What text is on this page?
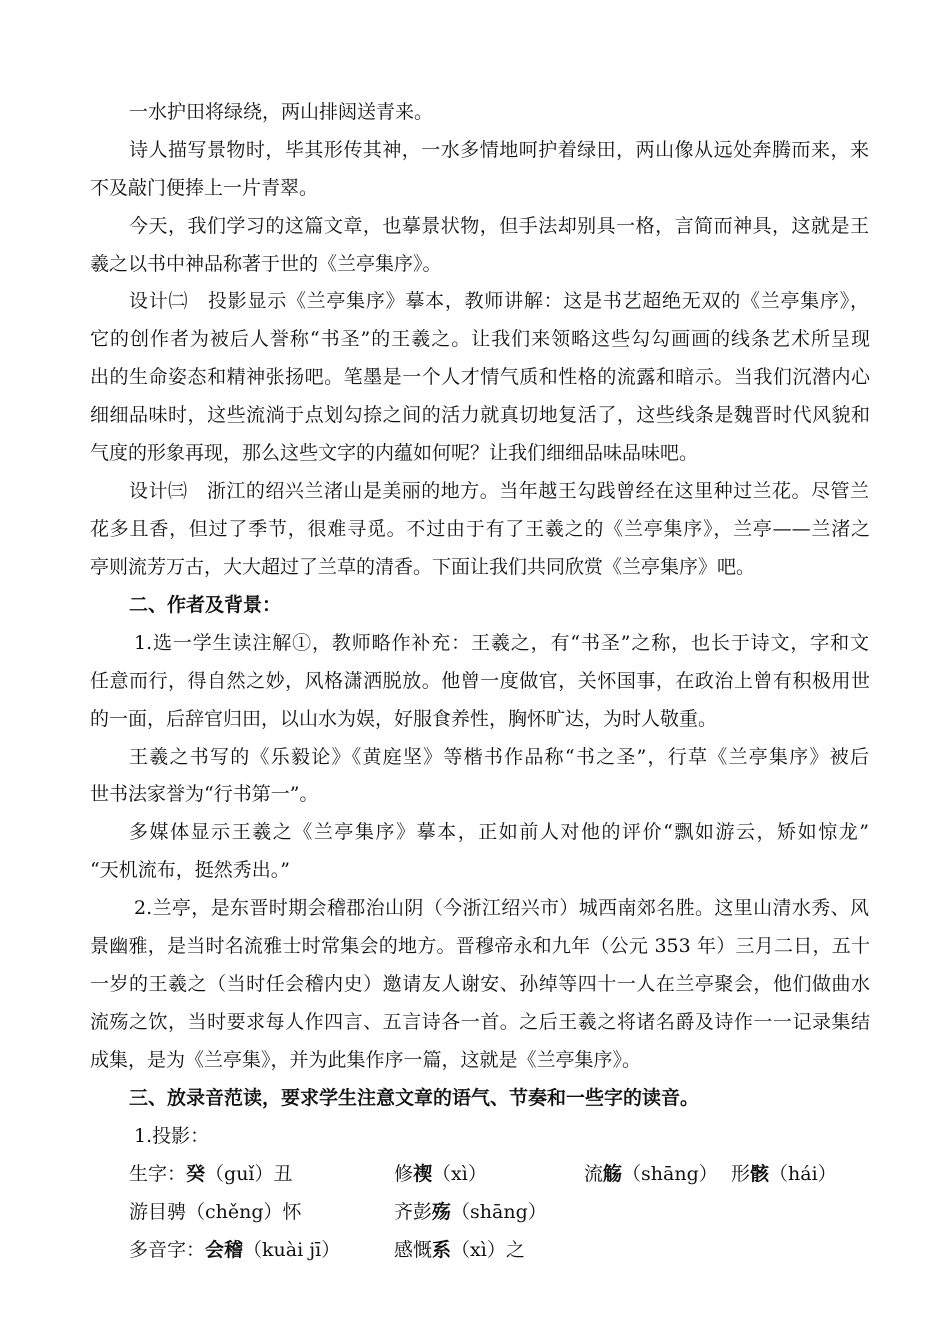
一水护田将绿绕，两山排闼送青来。
诗人描写景物时，毕其形传其神，一水多情地呵护着绿田，两山像从远处奔腾而来，来
不及敲门便捧上一片青翠。
今天，我们学习的这篇文章，也摹景状物，但手法却别具一格，言简而神具，这就是王
羲之以书中神品称著于世的《兰亭集序》。
设计㈡　投影显示《兰亭集序》摹本，教师讲解：这是书艺超绝无双的《兰亭集序》，
它的创作者为被后人誉称“书圣”的王羲之。让我们来领略这些勾勾画画的线条艺术所呈现
出的生命姿态和精神张扬吧。笔墨是一个人才情气质和性格的流露和暗示。当我们沉潜内心
细细品味时，这些流淌于点划勾捺之间的活力就真切地复活了，这些线条是魏晋时代风貌和
气度的形象再现，那么这些文字的内蕴如何呢？让我们细细品味品味吧。
设计㈢　浙江的绍兴兰渚山是美丽的地方。当年越王勾践曾经在这里种过兰花。尽管兰
花多且香，但过了季节，很难寻觅。不过由于有了王羲之的《兰亭集序》，兰亭——兰渚之
亭则流芳万古，大大超过了兰草的清香。下面让我们共同欣赏《兰亭集序》吧。
二、作者及背景：
1.选一学生读注解①，教师略作补充：王羲之，有“书圣”之称，也长于诗文，字和文
任意而行，得自然之妙，风格潇洒脱放。他曾一度做官，关怀国事，在政治上曾有积极用世
的一面，后辞官归田，以山水为娱，好服食养性，胸怀旷达，为时人敬重。
王羲之书写的《乐毅论》《黄庭坚》等楷书作品称“书之圣”，行草《兰亭集序》被后
世书法家誉为“行书第一”。
多媒体显示王羲之《兰亭集序》摹本，正如前人对他的评价“飘如游云，矫如惊龙”
“天机流布，挺然秀出。”
2.兰亭，是东晋时期会稽郡治山阴（今浙江绍兴市）城西南郊名胜。这里山清水秀、风
景幽雅，是当时名流雅士时常集会的地方。晋穆帝永和九年（公元 353 年）三月二日，五十
一岁的王羲之（当时任会稽内史）邀请友人谢安、孙绰等四十一人在兰亭聚会，他们做曲水
流殇之饮，当时要求每人作四言、五言诗各一首。之后王羲之将诸名爵及诗作一一记录集结
成集，是为《兰亭集》，并为此集作序一篇，这就是《兰亭集序》。
三、放录音范读，要求学生注意文章的语气、节奏和一些字的读音。
1.投影：
生字：癸（guǐ）丑	修禊（xì）	流觞（shāng） 形骸（hái）
游目骋（chěng）怀	齐彭殇（shāng）
多音字：会稽（kuài jī）	感慨系（xì）之
